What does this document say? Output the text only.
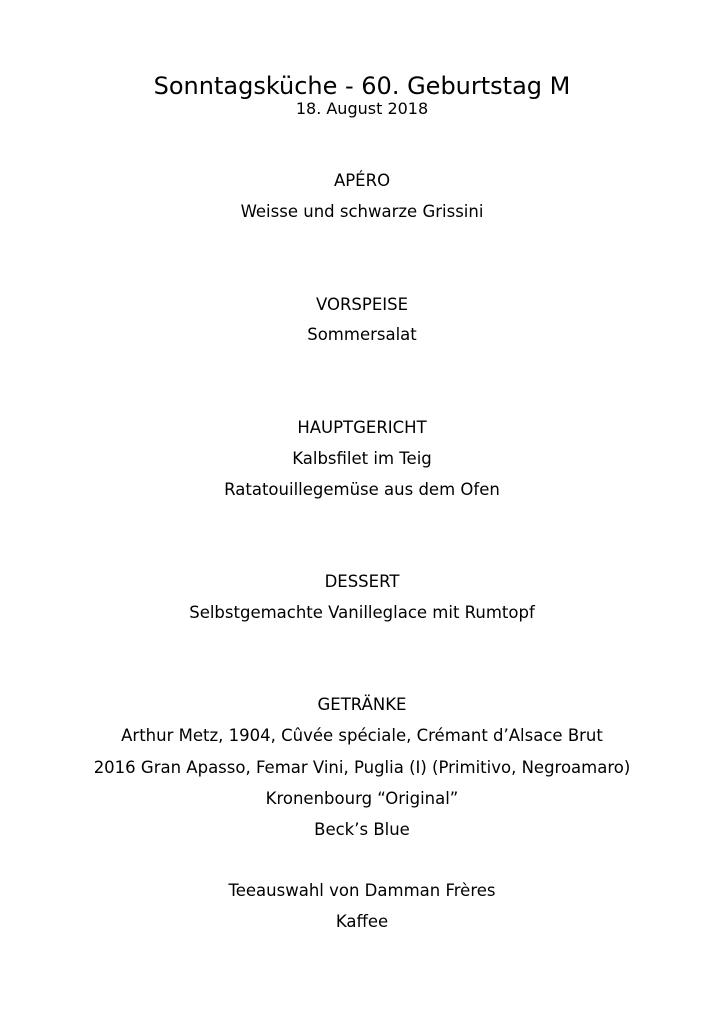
Sonntagsküche - 60. Geburtstag M
18. August 2018
APÉRO
Weisse und schwarze Grissini
VORSPEISE
Sommersalat
HAUPTGERICHT
Kalbsfilet im Teig
Ratatouillegemüse aus dem Ofen
DESSERT
Selbstgemachte Vanilleglace mit Rumtopf
GETRÄNKE
Arthur Metz, 1904, Cûvée spéciale, Crémant d’Alsace Brut
2016 Gran Apasso, Femar Vini, Puglia (I) (Primitivo, Negroamaro)
Kronenbourg “Original”
Beck’s Blue
Teeauswahl von Damman Frères
Kaffee
